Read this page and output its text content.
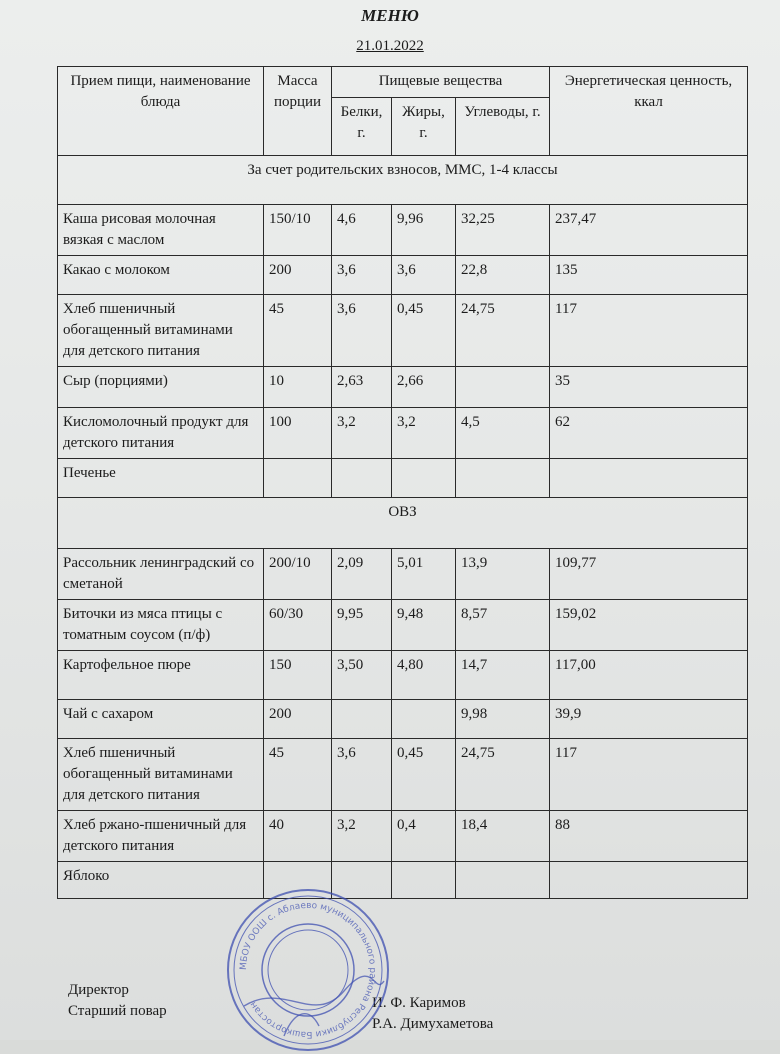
МЕНЮ
21.01.2022
Прием пищи, наименование блюда	Масса порции	Пищевые вещества			Энергетическая ценность, ккал
		Белки, г.	Жиры, г.	Углеводы, г.	
За счет родительских взносов, ММС, 1-4 классы					
Каша рисовая молочная вязкая с маслом	150/10	4,6	9,96	32,25	237,47
Какао с молоком	200	3,6	3,6	22,8	135
Хлеб пшеничный обогащенный витаминами для детского питания	45	3,6	0,45	24,75	117
Сыр (порциями)	10	2,63	2,66		35
Кисломолочный продукт для детского питания	100	3,2	3,2	4,5	62
Печенье					
ОВЗ					
Рассольник ленинградский со сметаной	200/10	2,09	5,01	13,9	109,77
Биточки из мяса птицы с томатным соусом (п/ф)	60/30	9,95	9,48	8,57	159,02
Картофельное пюре	150	3,50	4,80	14,7	117,00
Чай с сахаром	200			9,98	39,9
Хлеб пшеничный обогащенный витаминами для детского питания	45	3,6	0,45	24,75	117
Хлеб ржано-пшеничный для детского питания	40	3,2	0,4	18,4	88
Яблоко					
Директор
Старший повар	И. Ф. Каримов
Р.А. Димухаметова
МБОУ ООШ с. Аблаево муниципального района Республики Башкортостан
